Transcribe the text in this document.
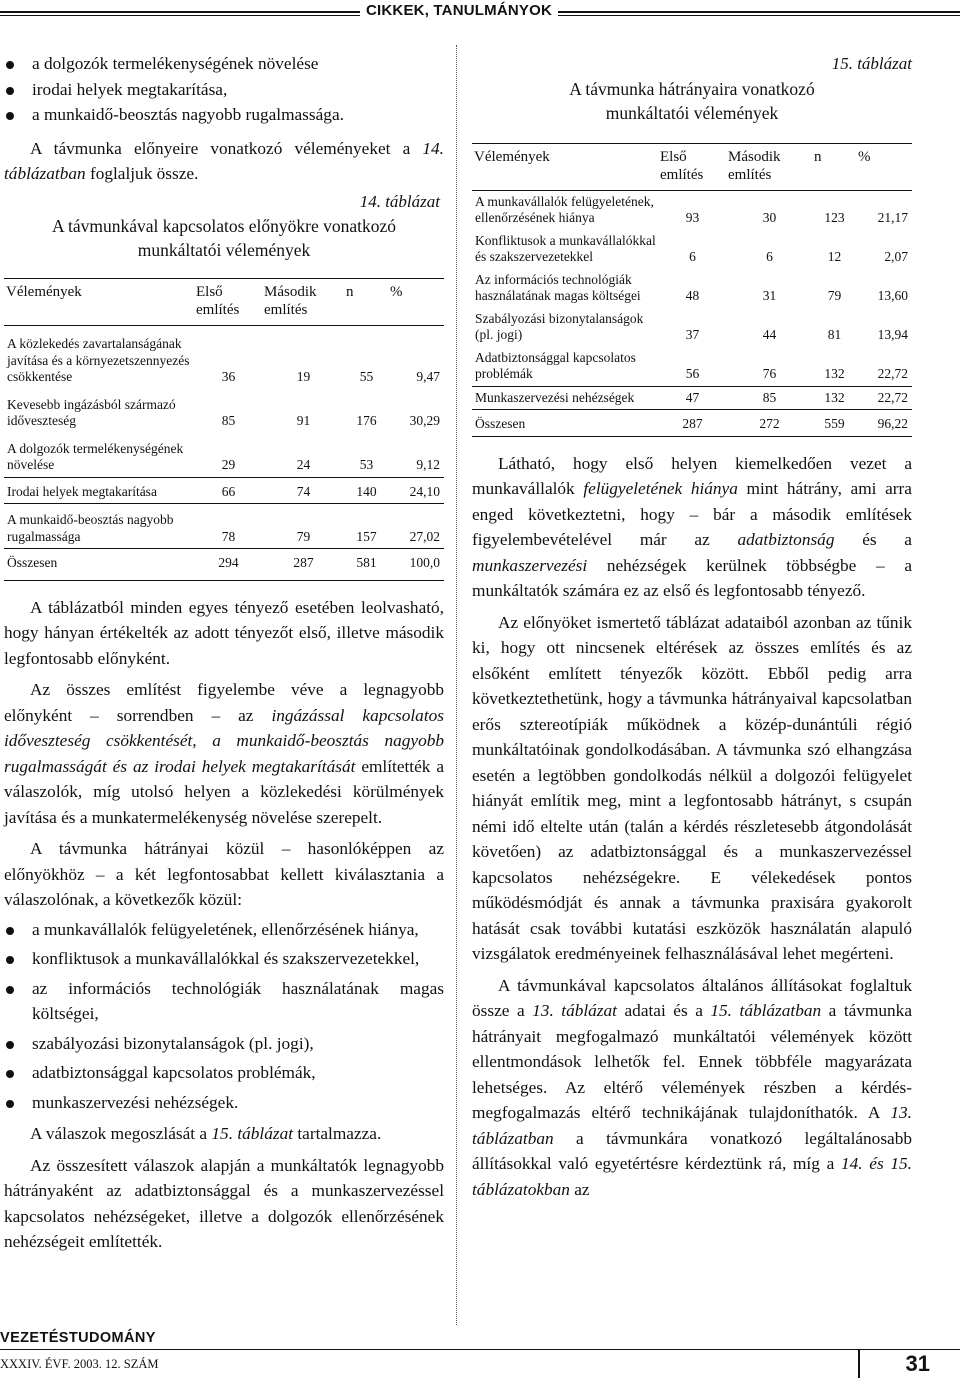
CIKKEK, TANULMÁNYOK

a dolgozók termelékenységének növelése

irodai helyek megtakarítása,

a munkaidő-beosztás nagyobb rugalmassága.

A távmunka előnyeire vonatkozó véleményeket a 14. táblázatban foglaljuk össze.

14. táblázat
A távmunkával kapcsolatos előnyökre vonatkozó
munkáltatói vélemények
Vélemények	Első említés	Második említés	n	%
A közlekedés zavartalanságának javítása és a környezetszennyezés csökkentése	36	19	55	9,47
Kevesebb ingázásból származó időveszteség	85	91	176	30,29
A dolgozók termelékenységének növelése	29	24	53	9,12
Irodai helyek megtakarítása	66	74	140	24,10
A munkaidő-beosztás nagyobb rugalmassága	78	79	157	27,02
Összesen	294	287	581	100,0

A táblázatból minden egyes tényező esetében leolvasható, hogy hányan értékelték az adott tényezőt első, illetve második legfontosabb előnyként.

Az összes említést figyelembe véve a legnagyobb előnyként – sorrendben – az ingázással kapcsolatos időveszteség csökkentését, a munkaidő-beosztás nagyobb rugalmasságát és az irodai helyek megtakarítását említették a válaszolók, míg utolsó helyen a közlekedési körülmények javítása és a munkatermelékenység növelése szerepelt.

A távmunka hátrányai közül – hasonlóképpen az előnyökhöz – a két legfontosabbat kellett kiválasztania a válaszolónak, a következők közül:

a munkavállalók felügyeletének, ellenőrzésének hiánya,

konfliktusok a munkavállalókkal és szakszervezetekkel,

az információs technológiák használatának magas költségei,

szabályozási bizonytalanságok (pl. jogi),

adatbiztonsággal kapcsolatos problémák,

munkaszervezési nehézségek.

A válaszok megoszlását a 15. táblázat tartalmazza.

Az összesített válaszok alapján a munkáltatók legnagyobb hátrányaként az adatbiztonsággal és a munkaszervezéssel kapcsolatos nehézségeket, illetve a dolgozók ellenőrzésének nehézségeit említették.

15. táblázat
A távmunka hátrányaira vonatkozó
munkáltatói vélemények
Vélemények	Első említés	Második említés	n	%
A munkavállalók felügyeletének, ellenőrzésének hiánya	93	30	123	21,17
Konfliktusok a munkavállalókkal és szakszervezetekkel	6	6	12	2,07
Az információs technológiák használatának magas költségei	48	31	79	13,60
Szabályozási bizonytalanságok (pl. jogi)	37	44	81	13,94
Adatbiztonsággal kapcsolatos problémák	56	76	132	22,72
Munkaszervezési nehézségek	47	85	132	22,72
Összesen	287	272	559	96,22

Látható, hogy első helyen kiemelkedően vezet a munkavállalók felügyeletének hiánya mint hátrány, ami arra enged következtetni, hogy – bár a második említések figyelembevételével már az adatbiztonság és a munkaszervezési nehézségek kerülnek többségbe – a munkáltatók számára ez az első és legfontosabb tényező.

Az előnyöket ismertető táblázat adataiból azonban az tűnik ki, hogy ott nincsenek eltérések az összes említés és az elsőként említett tényezők között. Ebből pedig arra következtethetünk, hogy a távmunka hátrányaival kapcsolatban erős sztereotípiák működnek a közép-dunántúli régió munkáltatóinak gondolkodásában. A távmunka szó elhangzása esetén a legtöbben gondolkodás nélkül a dolgozói felügyelet hiányát említik meg, mint a legfontosabb hátrányt, s csupán némi idő eltelte után (talán a kérdés részletesebb átgondolását követően) az adatbiztonsággal és a munkaszervezéssel kapcsolatos nehézségekre. E vélekedések pontos működésmódját és annak a távmunka praxisára gyakorolt hatását csak további kutatási eszközök használatán alapuló vizsgálatok eredményeinek felhasználásával lehet megérteni.

A távmunkával kapcsolatos általános állításokat foglaltuk össze a 13. táblázat adatai és a 15. táblázatban a távmunka hátrányait megfogalmazó munkáltatói vélemények között ellentmondások lelhetők fel. Ennek többféle magyarázata lehetséges. Az eltérő vélemények részben a kérdés-megfogalmazás eltérő technikájának tulajdoníthatók. A 13. táblázatban a távmunkára vonatkozó legáltalánosabb állításokkal való egyetértésre kérdeztünk rá, míg a 14. és 15. táblázatokban az

VEZETÉSTUDOMÁNY
XXXIV. ÉVF. 2003. 12. SZÁM	31
